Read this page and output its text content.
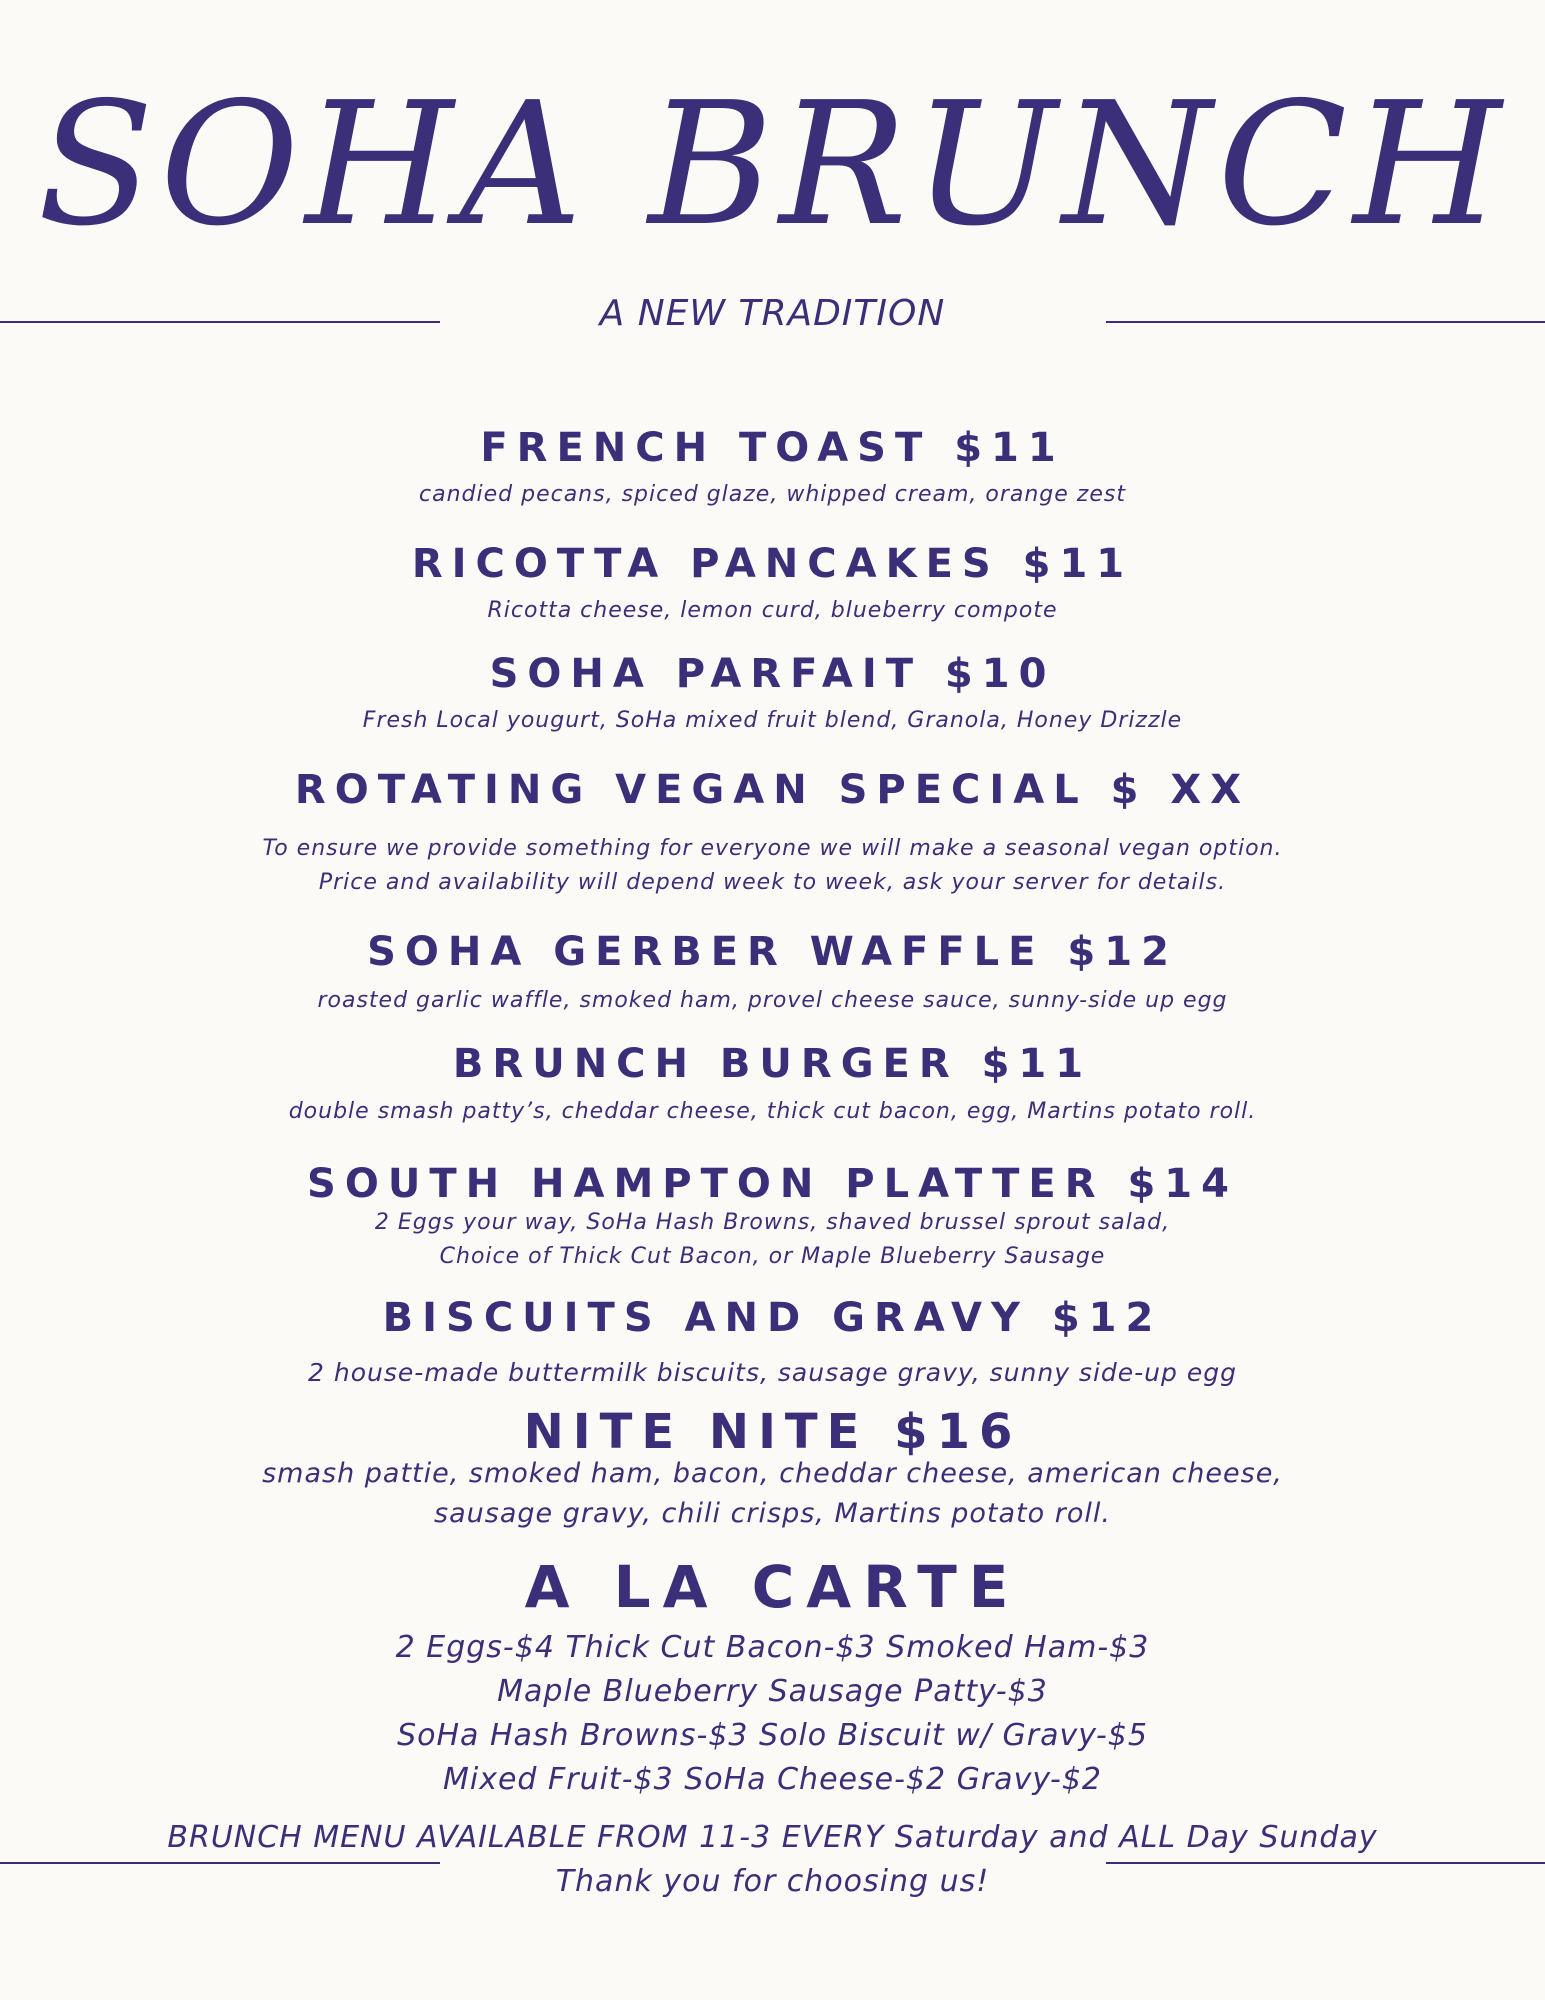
SOHA BRUNCH
A NEW TRADITION
FRENCH TOAST $11
candied pecans, spiced glaze, whipped cream, orange zest
RICOTTA PANCAKES $11
Ricotta cheese, lemon curd, blueberry compote
SOHA PARFAIT $10
Fresh Local yougurt, SoHa mixed fruit blend, Granola, Honey Drizzle
ROTATING VEGAN SPECIAL $ XX
To ensure we provide something for everyone we will make a seasonal vegan option.
Price and availability will depend week to week, ask your server for details.
SOHA GERBER WAFFLE $12
roasted garlic waffle, smoked ham, provel cheese sauce, sunny-side up egg
BRUNCH BURGER $11
double smash patty’s, cheddar cheese, thick cut bacon, egg, Martins potato roll.
SOUTH HAMPTON PLATTER $14
2 Eggs your way, SoHa Hash Browns, shaved brussel sprout salad,
Choice of Thick Cut Bacon, or Maple Blueberry Sausage
BISCUITS AND GRAVY $12
2 house-made buttermilk biscuits, sausage gravy, sunny side-up egg
NITE NITE $16
smash pattie, smoked ham, bacon, cheddar cheese, american cheese,
sausage gravy, chili crisps, Martins potato roll.
A LA CARTE
2 Eggs-$4 Thick Cut Bacon-$3 Smoked Ham-$3
Maple Blueberry Sausage Patty-$3
SoHa Hash Browns-$3 Solo Biscuit w/ Gravy-$5
Mixed Fruit-$3 SoHa Cheese-$2 Gravy-$2
BRUNCH MENU AVAILABLE FROM 11-3 EVERY Saturday and ALL Day Sunday
Thank you for choosing us!
